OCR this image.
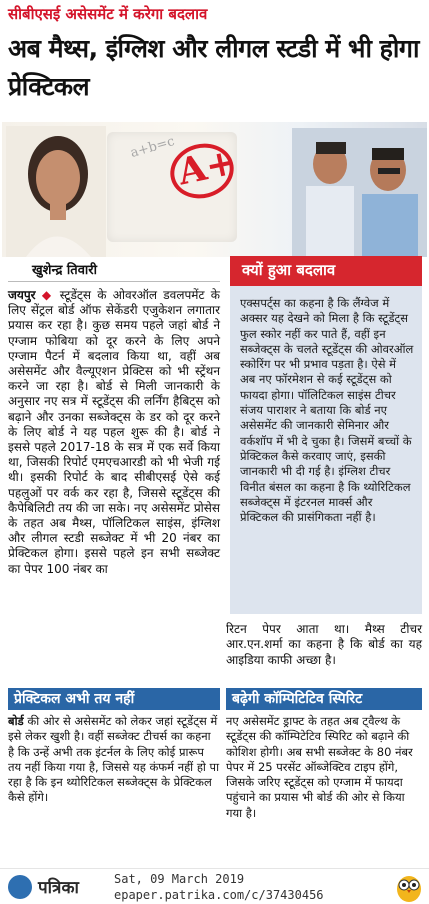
सीबीएसई असेसमेंट में करेगा बदलाव
अब मैथ्स, इंग्लिश और लीगल स्टडी में भी होगा प्रेक्टिकल
a+b=c
A+
खुशेन्द्र तिवारी
जयपुर ◆ स्टूडेंट्स के ओवरऑल डवलपमेंट के लिए सेंट्रल बोर्ड ऑफ सेकेंडरी एजुकेशन लगातार प्रयास कर रहा है। कुछ समय पहले जहां बोर्ड ने एग्जाम फोबिया को दूर करने के लिए अपने एग्जाम पैटर्न में बदलाव किया था, वहीं अब असेसमेंट और वैल्यूएशन प्रेक्टिस को भी स्ट्रेंथन करने जा रहा है। बोर्ड से मिली जानकारी के अनुसार नए सत्र में स्टूडेंट्स की लर्निंग हैबिट्स को बढ़ाने और उनका सब्जेक्ट्स के डर को दूर करने के लिए बोर्ड ने यह पहल शुरू की है। बोर्ड ने इससे पहले 2017-18 के सत्र में एक सर्वे किया था, जिसकी रिपोर्ट एमएचआरडी को भी भेजी गई थी। इसकी रिपोर्ट के बाद सीबीएसई ऐसे कई पहलुओं पर वर्क कर रहा है, जिससे स्टूडेंट्स की कैपेबिलिटी तय की जा सके। नए असेसमेंट प्रोसेस के तहत अब मैथ्स, पॉलिटिकल साइंस, इंग्लिश और लीगल स्टडी सब्जेक्ट में भी 20 नंबर का प्रेक्टिकल होगा। इससे पहले इन सभी सब्जेक्ट का पेपर 100 नंबर का
क्यों हुआ बदलाव
एक्सपर्ट्स का कहना है कि लैंग्वेज में अक्सर यह देखने को मिला है कि स्टूडेंट्स फुल स्कोर नहीं कर पाते हैं, वहीं इन सब्जेक्ट्स के चलते स्टूडेंट्स की ओवरऑल स्कोरिंग पर भी प्रभाव पड़ता है। ऐसे में अब नए फॉरमेशन से कई स्टूडेंट्स को फायदा होगा। पॉलिटिकल साइंस टीचर संजय पाराशर ने बताया कि बोर्ड नए असेसमेंट की जानकारी सेमिनार और वर्कशॉप में भी दे चुका है। जिसमें बच्चों के प्रेक्टिकल कैसे करवाए जाएं, इसकी जानकारी भी दी गई है। इंग्लिश टीचर विनीत बंसल का कहना है कि थ्योरिटिकल सब्जेक्ट्स में इंटरनल मार्क्स और प्रेक्टिकल की प्रासंगिकता नहीं है।
रिटन पेपर आता था। मैथ्स टीचर आर.एन.शर्मा का कहना है कि बोर्ड का यह आइडिया काफी अच्छा है।
प्रेक्टिकल अभी तय नहीं	बढ़ेगी कॉम्पिटिटिव स्पिरिट
बोर्ड की ओर से असेसमेंट को लेकर जहां स्टूडेंट्स में इसे लेकर खुशी है। वहीं सब्जेक्ट टीचर्स का कहना है कि उन्हें अभी तक इंटर्नल के लिए कोई प्रारूप तय नहीं किया गया है, जिससे यह कंफर्म नहीं हो पा रहा है कि इन थ्योरिटिकल सब्जेक्ट्स के प्रेक्टिकल कैसे होंगे।
नए असेसमेंट ड्राफ्ट के तहत अब ट्वैल्थ के स्टूडेंट्स की कॉम्पिटेटिव स्पिरिट को बढ़ाने की कोशिश होगी। अब सभी सब्जेक्ट के 80 नंबर पेपर में 25 परसेंट ऑब्जेक्टिव टाइप होंगे, जिसके जरिए स्टूडेंट्स को एग्जाम में फायदा पहुंचाने का प्रयास भी बोर्ड की ओर से किया गया है।
पत्रिका	Sat, 09 March 2019
epaper.patrika.com/c/37430456
